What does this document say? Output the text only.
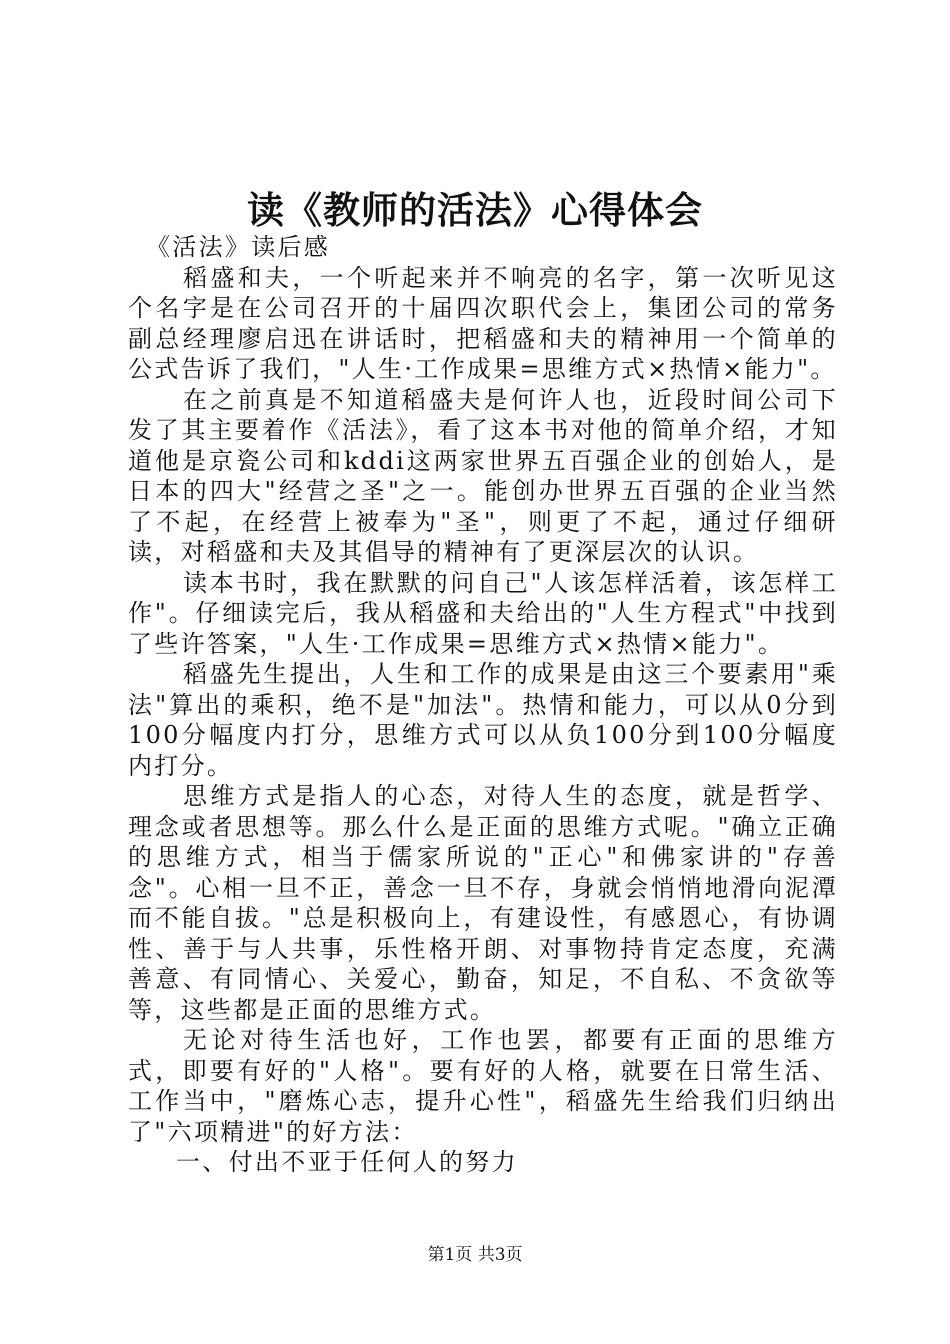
读《教师的活法》心得体会

《活法》读后感

稻盛和夫，一个听起来并不响亮的名字，第一次听见这个名字是在公司召开的十届四次职代会上，集团公司的常务副总经理廖启迅在讲话时，把稻盛和夫的精神用一个简单的公式告诉了我们，"人生·工作成果=思维方式×热情×能力"。

在之前真是不知道稻盛夫是何许人也，近段时间公司下发了其主要着作《活法》，看了这本书对他的简单介绍，才知道他是京瓷公司和kddi这两家世界五百强企业的创始人，是日本的四大"经营之圣"之一。能创办世界五百强的企业当然了不起，在经营上被奉为"圣"，则更了不起，通过仔细研读，对稻盛和夫及其倡导的精神有了更深层次的认识。

读本书时，我在默默的问自己"人该怎样活着，该怎样工作"。仔细读完后，我从稻盛和夫给出的"人生方程式"中找到了些许答案，"人生·工作成果=思维方式×热情×能力"。

稻盛先生提出，人生和工作的成果是由这三个要素用"乘法"算出的乘积，绝不是"加法"。热情和能力，可以从0分到100分幅度内打分，思维方式可以从负100分到100分幅度内打分。

思维方式是指人的心态，对待人生的态度，就是哲学、理念或者思想等。那么什么是正面的思维方式呢。"确立正确的思维方式，相当于儒家所说的"正心"和佛家讲的"存善念"。心相一旦不正，善念一旦不存，身就会悄悄地滑向泥潭而不能自拔。"总是积极向上，有建设性，有感恩心，有协调性、善于与人共事，乐性格开朗、对事物持肯定态度，充满善意、有同情心、关爱心，勤奋，知足，不自私、不贪欲等等，这些都是正面的思维方式。

无论对待生活也好，工作也罢，都要有正面的思维方式，即要有好的"人格"。要有好的人格，就要在日常生活、工作当中，"磨炼心志，提升心性"，稻盛先生给我们归纳出了"六项精进"的好方法：

一、付出不亚于任何人的努力

第1页 共3页
